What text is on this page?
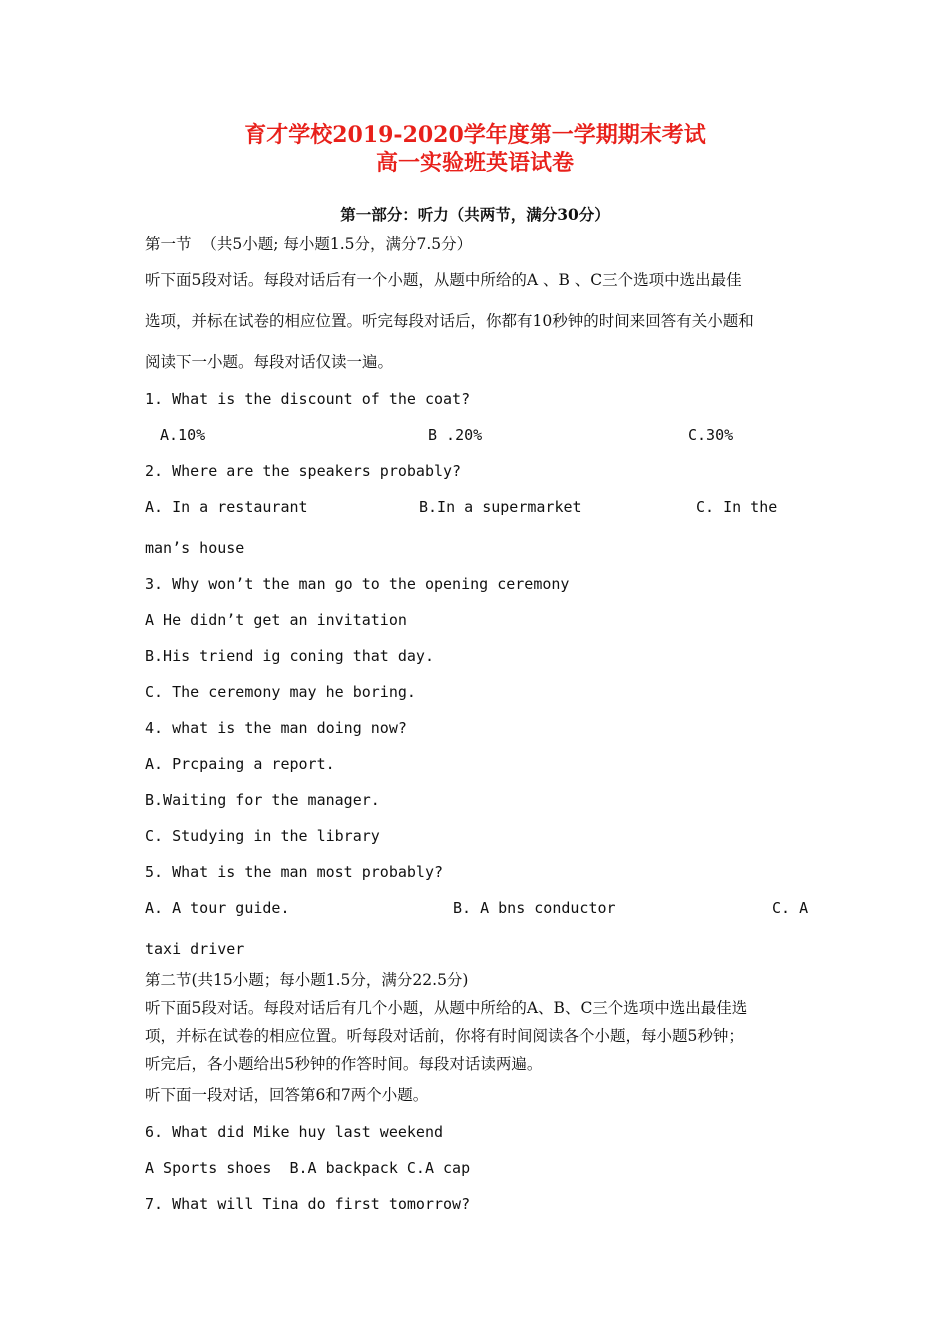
育才学校2019-2020学年度第一学期期末考试
高一实验班英语试卷
第一部分：听力（共两节，满分30分）
第一节  （共5小题; 每小题1.5分，满分7.5分）
听下面5段对话。每段对话后有一个小题，从题中所给的A 、B 、C三个选项中选出最佳
选项，并标在试卷的相应位置。听完每段对话后，你都有10秒钟的时间来回答有关小题和
阅读下一小题。每段对话仅读一遍。
1. What is the discount of the coat?
A.10%	B .20%	C.30%
2. Where are the speakers probably?
A. In a restaurant	B.In a supermarket	C. In the
man’s house
3. Why won’t the man go to the opening ceremony
A He didn’t get an invitation
B.His triend ig coning that day.
C. The ceremony may he boring.
4. what is the man doing now?
A. Prcpaing a report.
B.Waiting for the manager.
C. Studying in the library
5. What is the man most probably?
A. A tour guide.	B. A bns conductor	C. A
taxi driver
第二节(共15小题；每小题1.5分，满分22.5分)
听下面5段对话。每段对话后有几个小题，从题中所给的A、B、C三个选项中选出最佳选
项，并标在试卷的相应位置。听每段对话前，你将有时间阅读各个小题，每小题5秒钟；
听完后，各小题给出5秒钟的作答时间。每段对话读两遍。
听下面一段对话，回答第6和7两个小题。
6. What did Mike huy last weekend
A Sports shoes  B.A backpack C.A cap
7. What will Tina do first tomorrow?
